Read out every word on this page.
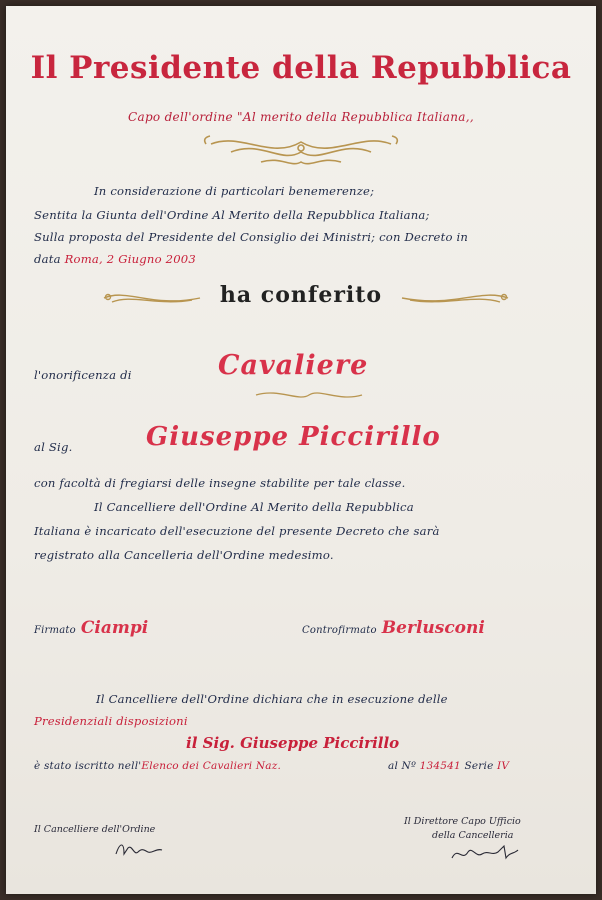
Il Presidente della Repubblica
Capo dell'ordine "Al merito della Repubblica Italiana,,
In considerazione di particolari benemerenze;
Sentita la Giunta dell'Ordine Al Merito della Repubblica Italiana;
Sulla proposta del Presidente del Consiglio dei Ministri; con Decreto in
data Roma, 2 Giugno 2003
ha conferito
l'onorificenza di	Cavaliere
al Sig.	Giuseppe Piccirillo
con facoltà di fregiarsi delle insegne stabilite per tale classe.
Il Cancelliere dell'Ordine Al Merito della Repubblica
Italiana è incaricato dell'esecuzione del presente Decreto che sarà
registrato alla Cancelleria dell'Ordine medesimo.
Firmato Ciampi	Controfirmato Berlusconi
Il Cancelliere dell'Ordine dichiara che in esecuzione delle
Presidenziali disposizioni
il Sig. Giuseppe Piccirillo
è stato iscritto nell'Elenco dei Cavalieri Naz.	al Nº 134541 Serie IV
Il Cancelliere dell'Ordine
Il Direttore Capo Ufficio
della Cancelleria
